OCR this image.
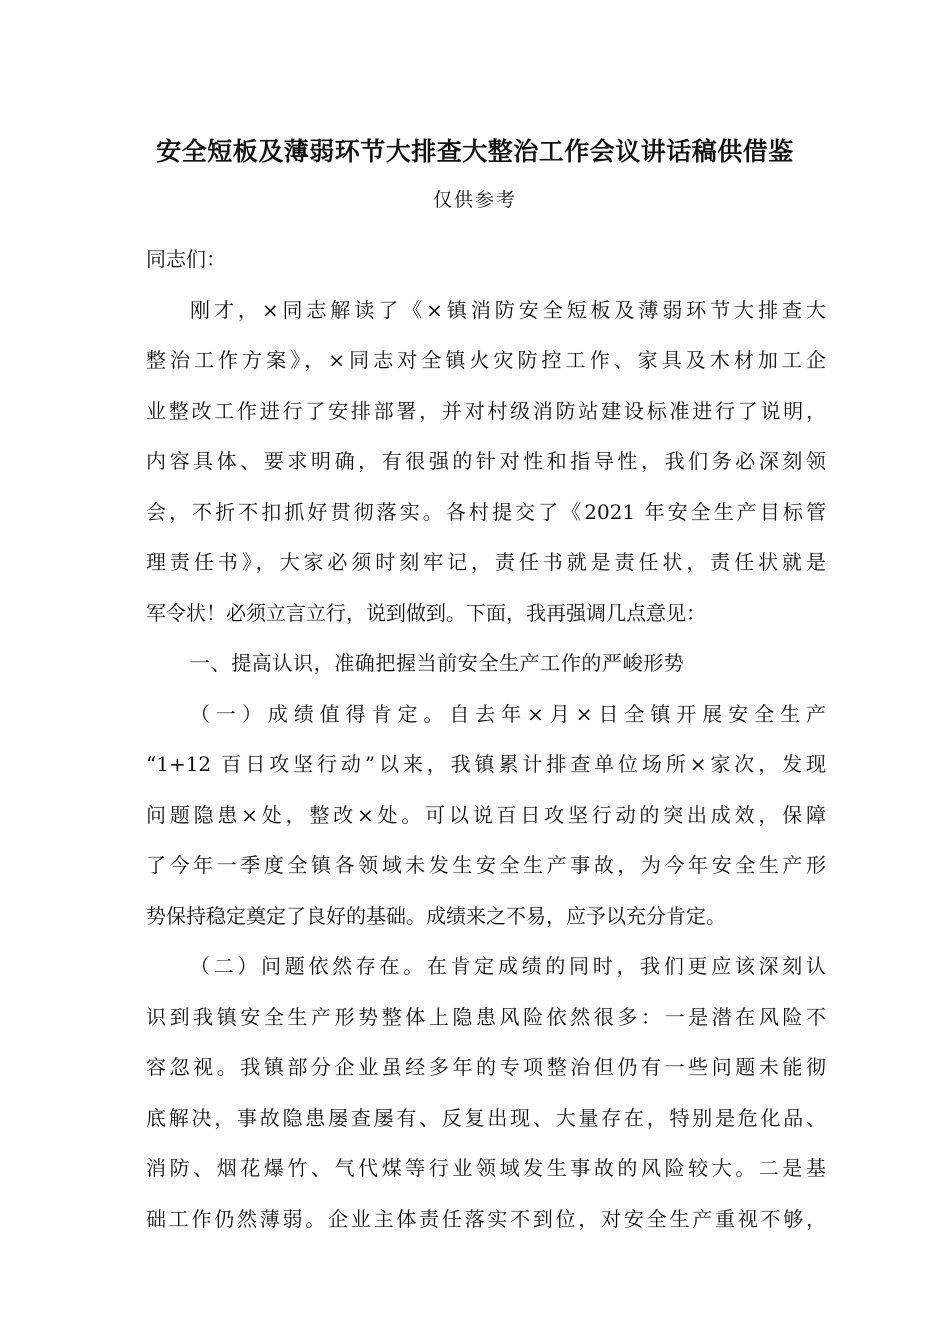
安全短板及薄弱环节大排查大整治工作会议讲话稿供借鉴
仅供参考
同志们：
刚才，×同志解读了《×镇消防安全短板及薄弱环节大排查大
整治工作方案》，×同志对全镇火灾防控工作、家具及木材加工企
业整改工作进行了安排部署，并对村级消防站建设标准进行了说明，
内容具体、要求明确，有很强的针对性和指导性，我们务必深刻领
会，不折不扣抓好贯彻落实。各村提交了《2021 年安全生产目标管
理责任书》，大家必须时刻牢记，责任书就是责任状，责任状就是
军令状！必须立言立行，说到做到。下面，我再强调几点意见：
一、提高认识，准确把握当前安全生产工作的严峻形势
（一）成绩值得肯定。自去年×月×日全镇开展安全生产
“1+12 百日攻坚行动”以来，我镇累计排查单位场所×家次，发现
问题隐患×处，整改×处。可以说百日攻坚行动的突出成效，保障
了今年一季度全镇各领域未发生安全生产事故，为今年安全生产形
势保持稳定奠定了良好的基础。成绩来之不易，应予以充分肯定。
（二）问题依然存在。在肯定成绩的同时，我们更应该深刻认
识到我镇安全生产形势整体上隐患风险依然很多：一是潜在风险不
容忽视。我镇部分企业虽经多年的专项整治但仍有一些问题未能彻
底解决，事故隐患屡查屡有、反复出现、大量存在，特别是危化品、
消防、烟花爆竹、气代煤等行业领域发生事故的风险较大。二是基
础工作仍然薄弱。企业主体责任落实不到位，对安全生产重视不够，
